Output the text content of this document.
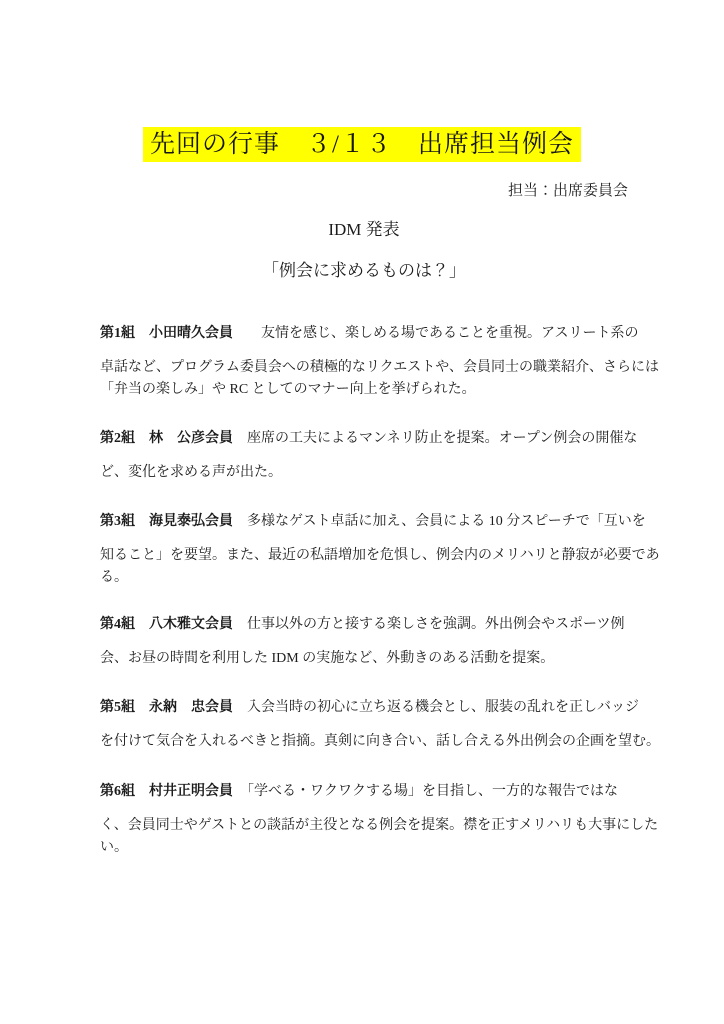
先回の行事　３/１３　出席担当例会
担当：出席委員会
IDM 発表
「例会に求めるものは？」
第1組　小田晴久会員　　友情を感じ、楽しめる場であることを重視。アスリート系の
卓話など、プログラム委員会への積極的なリクエストや、会員同士の職業紹介、さらには
「弁当の楽しみ」や RC としてのマナー向上を挙げられた。
第2組　林　公彦会員　座席の工夫によるマンネリ防止を提案。オープン例会の開催な
ど、変化を求める声が出た。
第3組　海見泰弘会員　多様なゲスト卓話に加え、会員による 10 分スピーチで「互いを
知ること」を要望。また、最近の私語増加を危惧し、例会内のメリハリと静寂が必要であ
る。
第4組　八木雅文会員　仕事以外の方と接する楽しさを強調。外出例会やスポーツ例
会、お昼の時間を利用した IDM の実施など、外動きのある活動を提案。
第5組　永納　忠会員　入会当時の初心に立ち返る機会とし、服装の乱れを正しバッジ
を付けて気合を入れるべきと指摘。真剣に向き合い、話し合える外出例会の企画を望む。
第6組　村井正明会員　「学べる・ワクワクする場」を目指し、一方的な報告ではな
く、会員同士やゲストとの談話が主役となる例会を提案。襟を正すメリハリも大事にした
い。
